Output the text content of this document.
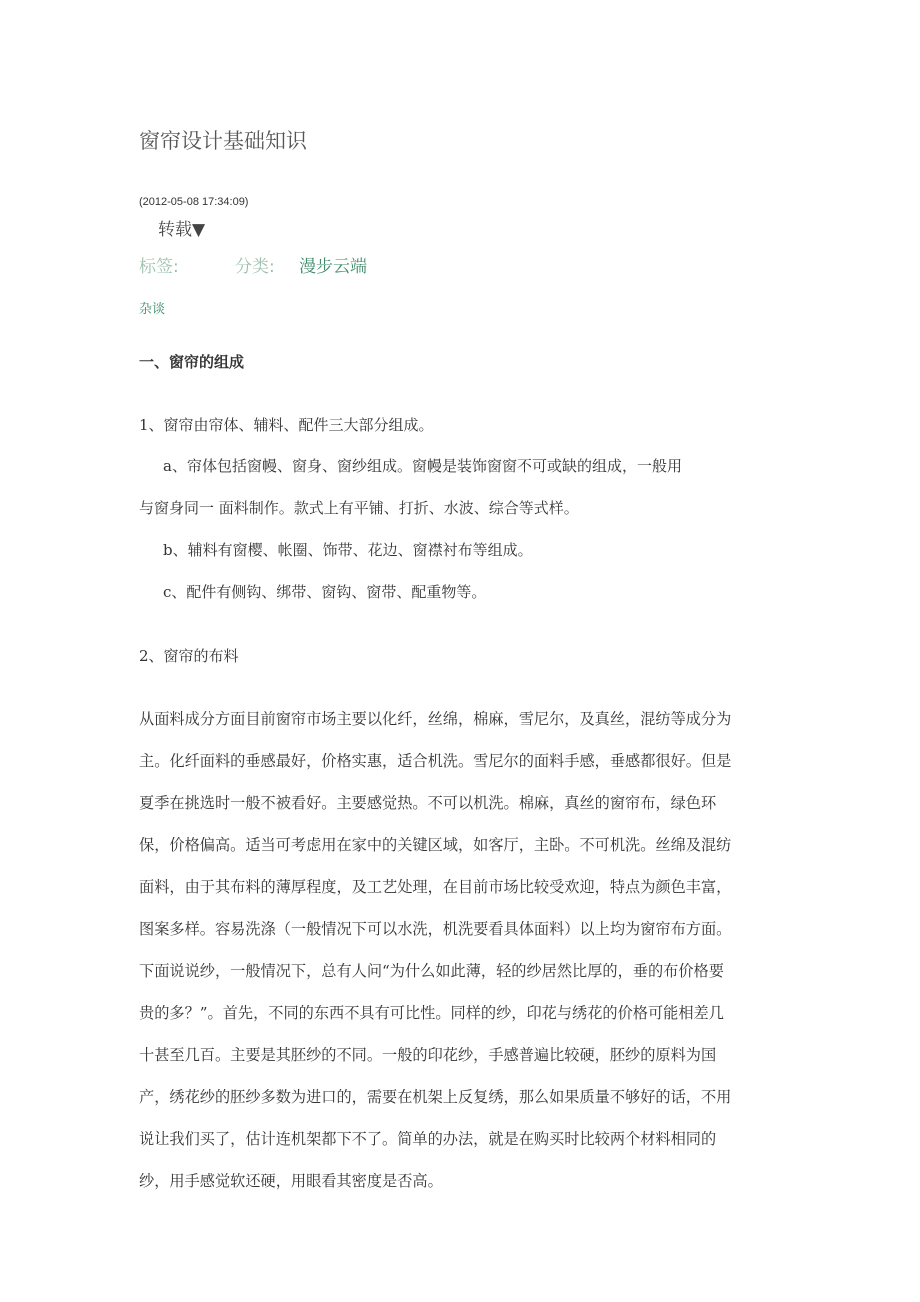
窗帘设计基础知识
(2012-05-08 17:34:09)
转载▼
标签:	分类: 漫步云端
杂谈
一、窗帘的组成
1、窗帘由帘体、辅料、配件三大部分组成。
a、帘体包括窗幔、窗身、窗纱组成。窗幔是装饰窗窗不可或缺的组成，一般用
与窗身同一 面料制作。款式上有平铺、打折、水波、综合等式样。
b、辅料有窗樱、帐圈、饰带、花边、窗襟衬布等组成。
c、配件有侧钩、绑带、窗钩、窗带、配重物等。
2、窗帘的布料
从面料成分方面目前窗帘市场主要以化纤，丝绵，棉麻，雪尼尔，及真丝，混纺等成分为
主。化纤面料的垂感最好，价格实惠，适合机洗。雪尼尔的面料手感，垂感都很好。但是
夏季在挑选时一般不被看好。主要感觉热。不可以机洗。棉麻，真丝的窗帘布，绿色环
保，价格偏高。适当可考虑用在家中的关键区域，如客厅，主卧。不可机洗。丝绵及混纺
面料，由于其布料的薄厚程度，及工艺处理，在目前市场比较受欢迎，特点为颜色丰富，
图案多样。容易洗涤（一般情况下可以水洗，机洗要看具体面料）以上均为窗帘布方面。
下面说说纱，一般情况下，总有人问“为什么如此薄，轻的纱居然比厚的，垂的布价格要
贵的多？”。首先，不同的东西不具有可比性。同样的纱，印花与绣花的价格可能相差几
十甚至几百。主要是其胚纱的不同。一般的印花纱，手感普遍比较硬，胚纱的原料为国
产，绣花纱的胚纱多数为进口的，需要在机架上反复绣，那么如果质量不够好的话，不用
说让我们买了，估计连机架都下不了。简单的办法，就是在购买时比较两个材料相同的
纱，用手感觉软还硬，用眼看其密度是否高。
